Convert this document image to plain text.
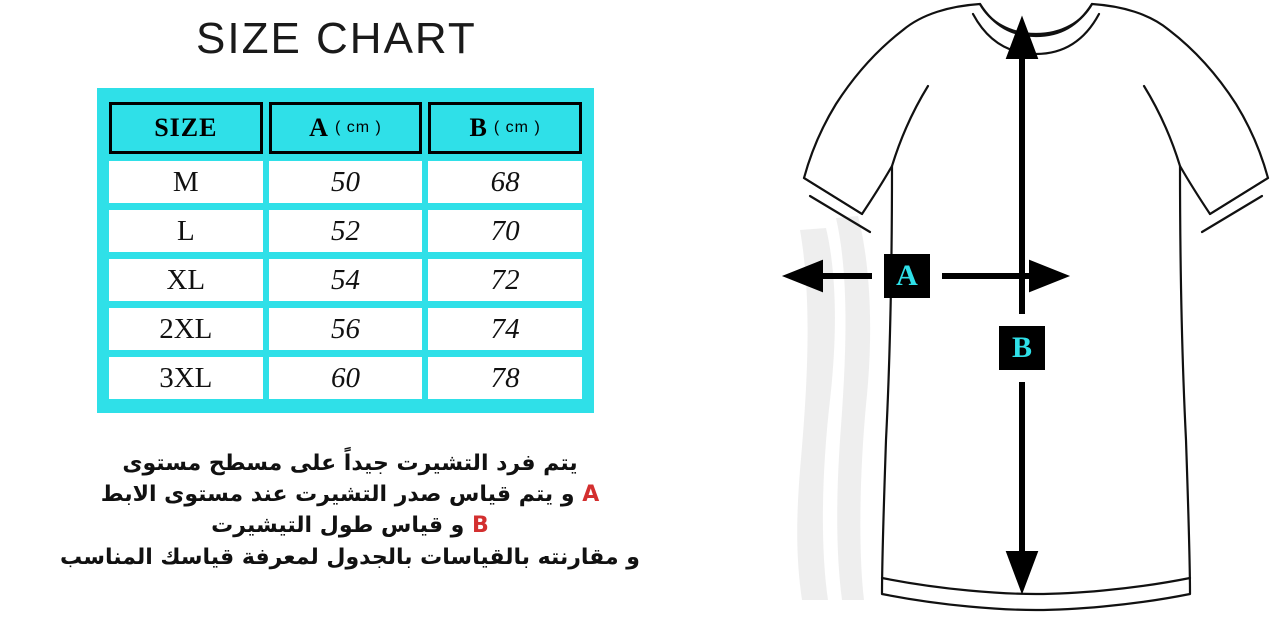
SIZE CHART
SIZE	A ( cm )	B ( cm )

M	50	68
L	52	70
XL	54	72
2XL	56	74
3XL	60	78
يتم فرد التشيرت جيداً على مسطح مستوى
A و يتم قياس صدر التشيرت عند مستوى الابط
B و قياس طول التيشيرت
و مقارنته بالقياسات بالجدول لمعرفة قياسك المناسب
A
B
